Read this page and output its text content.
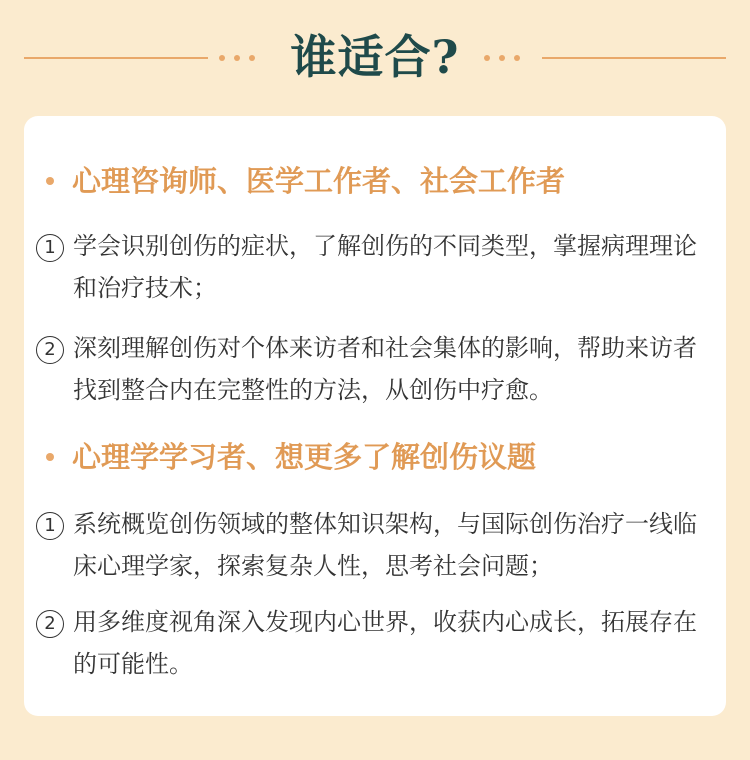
谁适合?
心理咨询师、医学工作者、社会工作者
1 学会识别创伤的症状，了解创伤的不同类型，掌握病理理论和治疗技术；
2 深刻理解创伤对个体来访者和社会集体的影响，帮助来访者找到整合内在完整性的方法，从创伤中疗愈。
心理学学习者、想更多了解创伤议题
1 系统概览创伤领域的整体知识架构，与国际创伤治疗一线临床心理学家，探索复杂人性，思考社会问题；
2 用多维度视角深入发现内心世界，收获内心成长，拓展存在的可能性。
